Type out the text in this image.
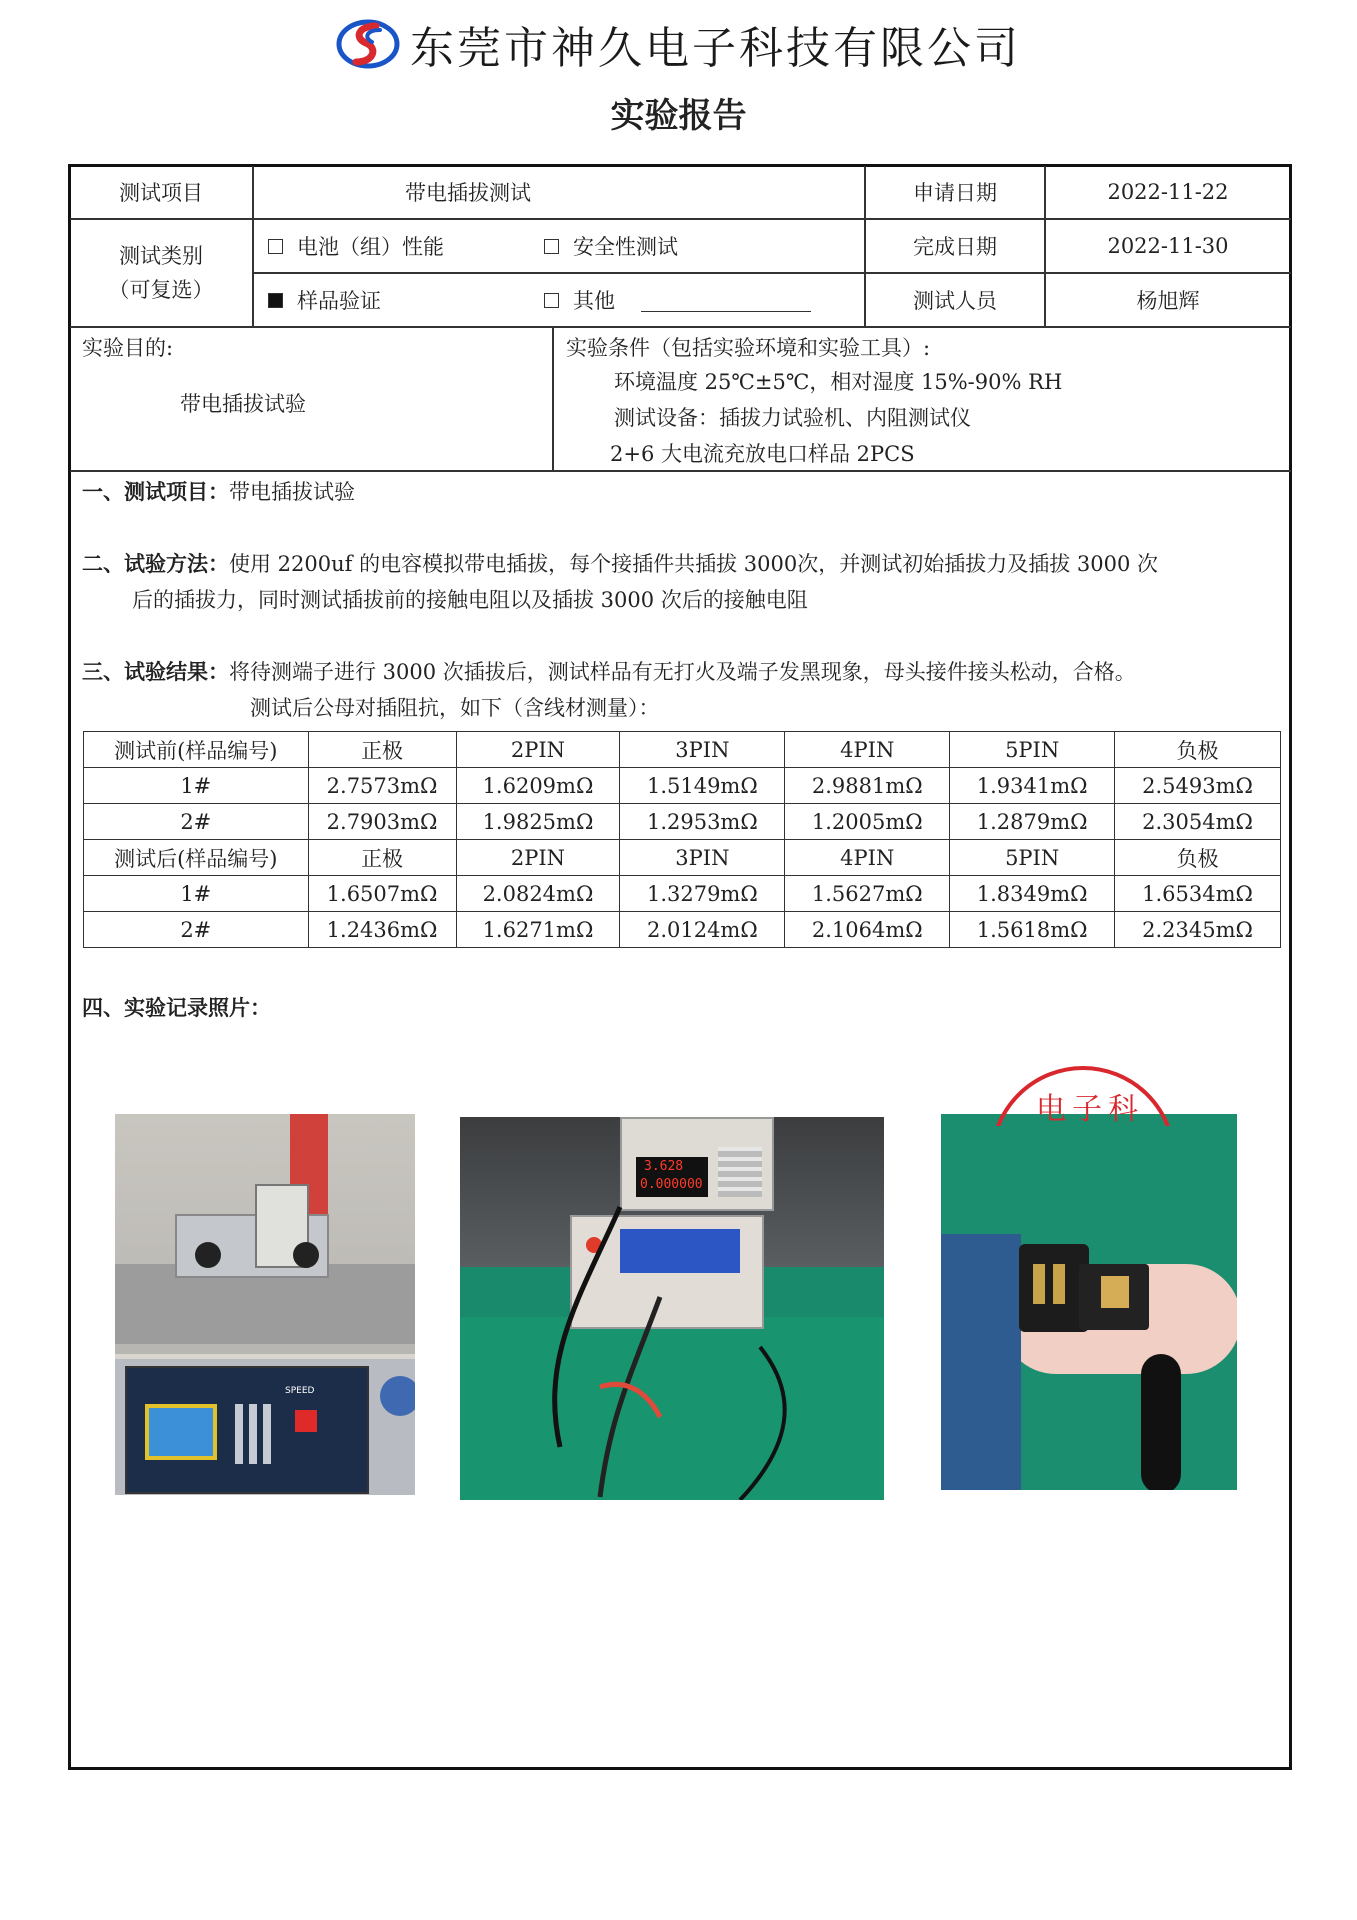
东莞市神久电子科技有限公司
实验报告
测试项目	带电插拔测试	申请日期	2022-11-22
测试类别
（可复选）
电池（组）性能	安全性测试
样品验证	其他
完成日期	2022-11-30
测试人员	杨旭辉
实验目的:
带电插拔试验
实验条件（包括实验环境和实验工具）:
环境温度 25℃±5℃，相对湿度 15%-90% RH
测试设备：插拔力试验机、内阻测试仪
2+6 大电流充放电口样品 2PCS
一、测试项目：带电插拔试验
二、试验方法：使用 2200uf 的电容模拟带电插拔，每个接插件共插拔 3000次，并测试初始插拔力及插拔 3000 次
后的插拔力，同时测试插拔前的接触电阻以及插拔 3000 次后的接触电阻
三、试验结果：将待测端子进行 3000 次插拔后，测试样品有无打火及端子发黑现象，母头接件接头松动，合格。
测试后公母对插阻抗，如下（含线材测量）：
测试前(样品编号)	正极	2PIN	3PIN	4PIN	5PIN	负极
1#	2.7573mΩ	1.6209mΩ	1.5149mΩ	2.9881mΩ	1.9341mΩ	2.5493mΩ
2#	2.7903mΩ	1.9825mΩ	1.2953mΩ	1.2005mΩ	1.2879mΩ	2.3054mΩ
测试后(样品编号)	正极	2PIN	3PIN	4PIN	5PIN	负极
1#	1.6507mΩ	2.0824mΩ	1.3279mΩ	1.5627mΩ	1.8349mΩ	1.6534mΩ
2#	1.2436mΩ	1.6271mΩ	2.0124mΩ	2.1064mΩ	1.5618mΩ	2.2345mΩ
四、实验记录照片：
SPEED
3.628
0.000000
电子科
